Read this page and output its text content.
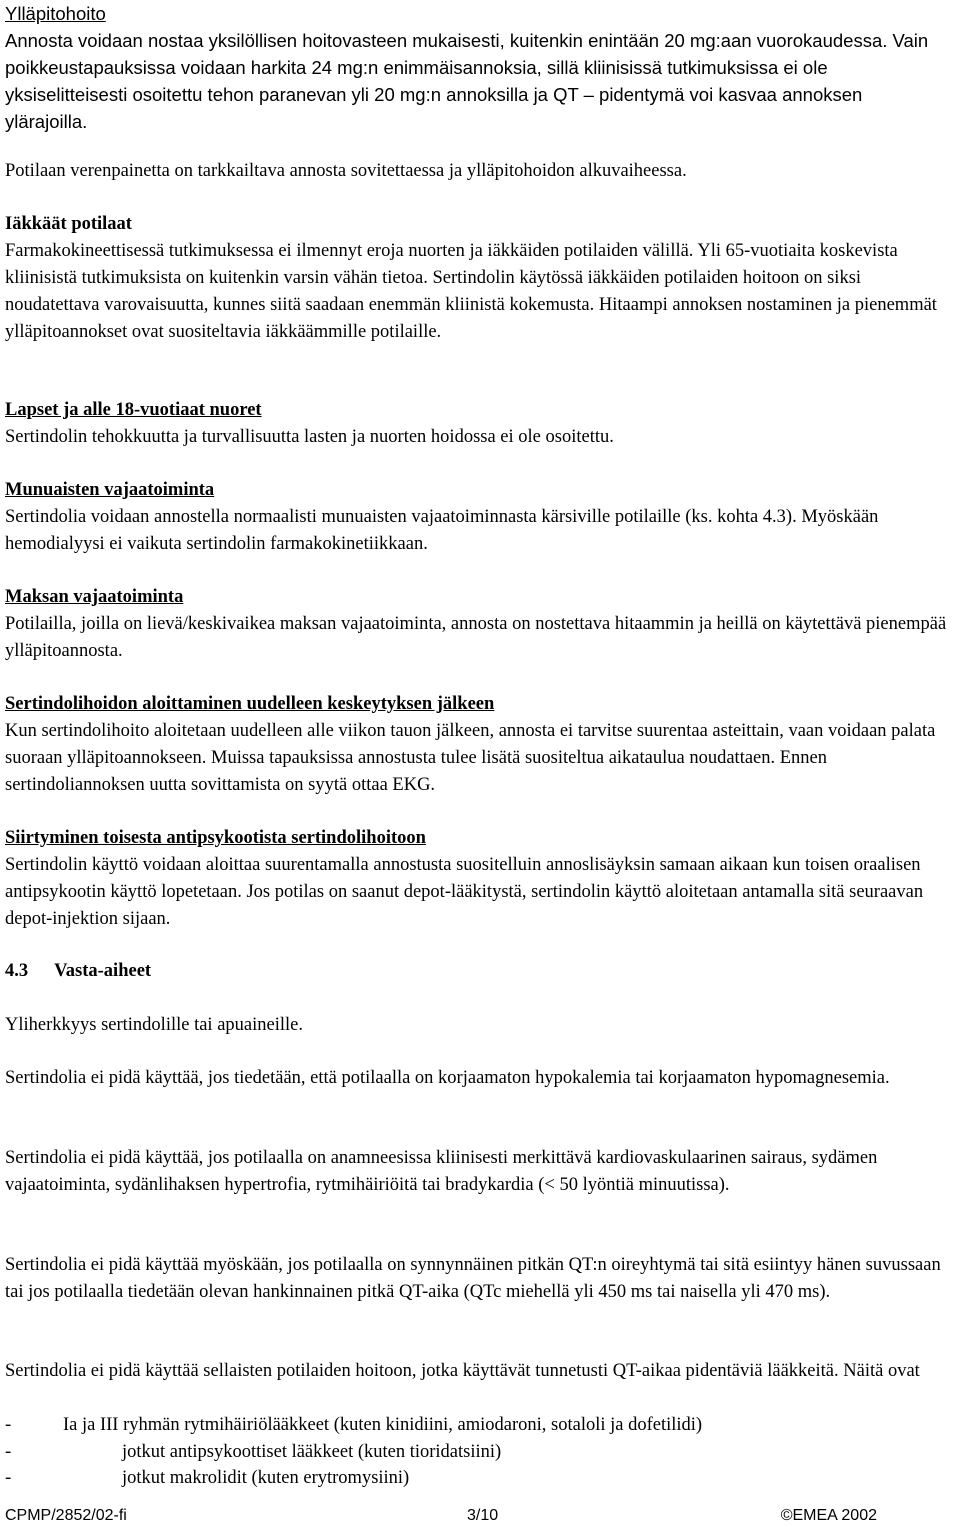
Ylläpitohoito

Annosta voidaan nostaa yksilöllisen hoitovasteen mukaisesti, kuitenkin enintään 20 mg:aan vuorokaudessa. Vain poikkeustapauksissa voidaan harkita 24 mg:n enimmäisannoksia, sillä kliinisissä tutkimuksissa ei ole yksiselitteisesti osoitettu tehon paranevan yli 20 mg:n annoksilla ja QT – pidentymä voi kasvaa annoksen ylärajoilla.

Potilaan verenpainetta on tarkkailtava annosta sovitettaessa ja ylläpitohoidon alkuvaiheessa.

Iäkkäät potilaat

Farmakokineettisessä tutkimuksessa ei ilmennyt eroja nuorten ja iäkkäiden potilaiden välillä. Yli 65-vuotiaita koskevista kliinisistä tutkimuksista on kuitenkin varsin vähän tietoa. Sertindolin käytössä iäkkäiden potilaiden hoitoon on siksi noudatettava varovaisuutta, kunnes siitä saadaan enemmän kliinistä kokemusta. Hitaampi annoksen nostaminen ja pienemmät ylläpitoannokset ovat suositeltavia iäkkäämmille potilaille.

Lapset ja alle 18-vuotiaat nuoret

Sertindolin tehokkuutta ja turvallisuutta lasten ja nuorten hoidossa ei ole osoitettu.

Munuaisten vajaatoiminta

Sertindolia voidaan annostella normaalisti munuaisten vajaatoiminnasta kärsiville potilaille (ks. kohta 4.3). Myöskään hemodialyysi ei vaikuta sertindolin farmakokinetiikkaan.

Maksan vajaatoiminta

Potilailla, joilla on lievä/keskivaikea maksan vajaatoiminta, annosta on nostettava hitaammin ja heillä on käytettävä pienempää ylläpitoannosta.

Sertindolihoidon aloittaminen uudelleen keskeytyksen jälkeen

Kun sertindolihoito aloitetaan uudelleen alle viikon tauon jälkeen, annosta ei tarvitse suurentaa asteittain, vaan voidaan palata suoraan ylläpitoannokseen. Muissa tapauksissa annostusta tulee lisätä suositeltua aikataulua noudattaen. Ennen sertindoliannoksen uutta sovittamista on syytä ottaa EKG.

Siirtyminen toisesta antipsykootista sertindolihoitoon

Sertindolin käyttö voidaan aloittaa suurentamalla annostusta suositelluin annoslisäyksin samaan aikaan kun toisen oraalisen antipsykootin käyttö lopetetaan. Jos potilas on saanut depot-lääkitystä, sertindolin käyttö aloitetaan antamalla sitä seuraavan depot-injektion sijaan.

4.3 Vasta-aiheet

Yliherkkyys sertindolille tai apuaineille.

Sertindolia ei pidä käyttää, jos tiedetään, että potilaalla on korjaamaton hypokalemia tai korjaamaton hypomagnesemia.

Sertindolia ei pidä käyttää, jos potilaalla on anamneesissa kliinisesti merkittävä kardiovaskulaarinen sairaus, sydämen vajaatoiminta, sydänlihaksen hypertrofia, rytmihäiriöitä tai bradykardia (< 50 lyöntiä minuutissa).

Sertindolia ei pidä käyttää myöskään, jos potilaalla on synnynnäinen pitkän QT:n oireyhtymä tai sitä esiintyy hänen suvussaan tai jos potilaalla tiedetään olevan hankinnainen pitkä QT-aika (QTc miehellä yli 450 ms tai naisella yli 470 ms).

Sertindolia ei pidä käyttää sellaisten potilaiden hoitoon, jotka käyttävät tunnetusti QT-aikaa pidentäviä lääkkeitä. Näitä ovat

-	Ia ja III ryhmän rytmihäiriölääkkeet (kuten kinidiini, amiodaroni, sotaloli ja dofetilidi)
-	jotkut antipsykoottiset lääkkeet (kuten tioridatsiini)
-	jotkut makrolidit (kuten erytromysiini)
CPMP/2852/02-fi	3/10	©EMEA 2002
